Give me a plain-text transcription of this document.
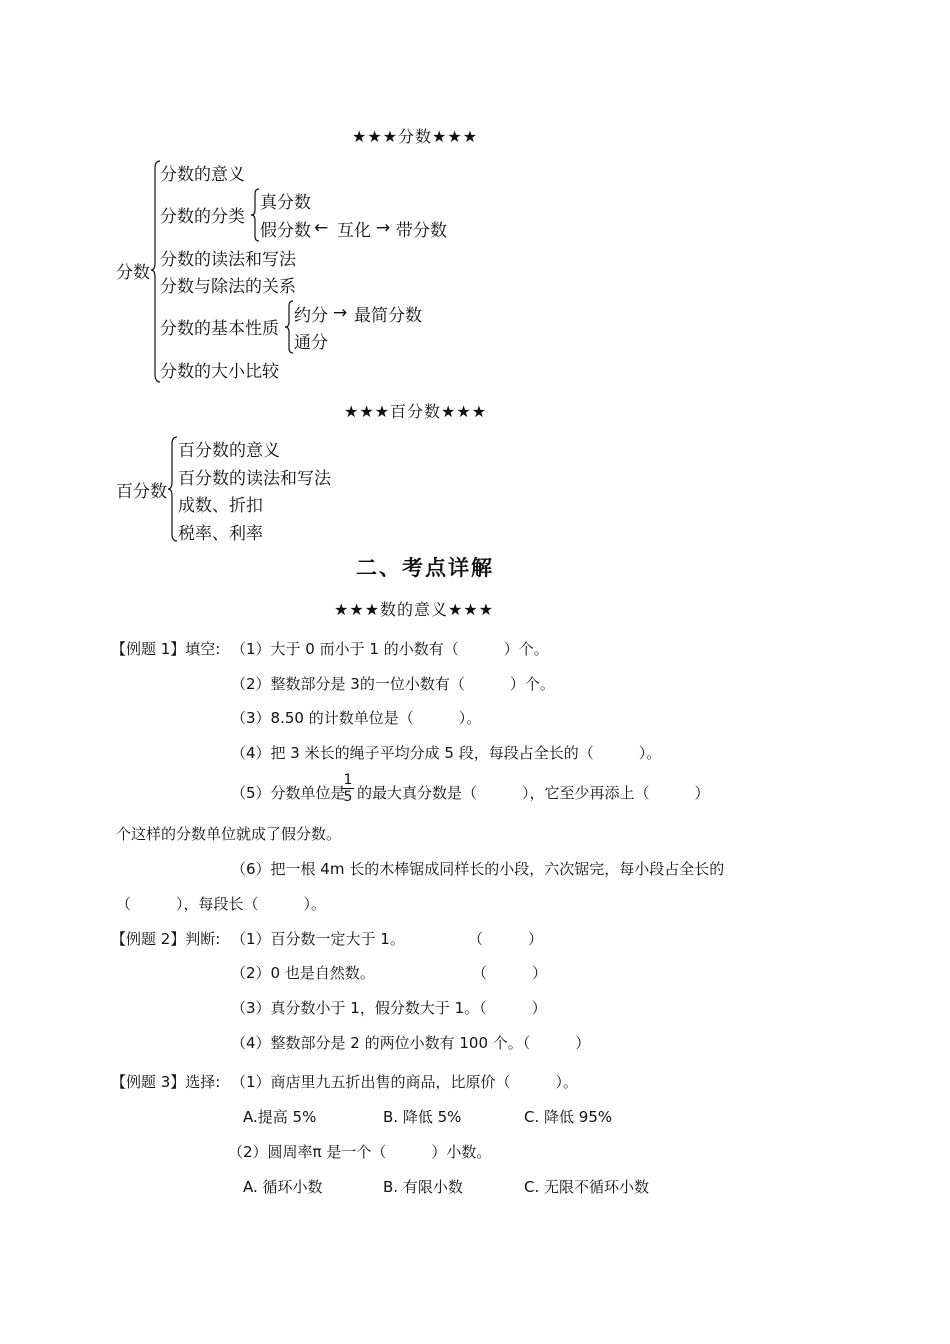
★★★分数★★★
分数
分数的意义
分数的分类
真分数
假分数 ← 互化 → 带分数
分数的读法和写法
分数与除法的关系
分数的基本性质
约分 → 最简分数
通分
分数的大小比较
★★★百分数★★★
百分数
百分数的意义
百分数的读法和写法
成数、折扣
税率、利率
二、考点详解
★★★数的意义★★★
【例题 1】填空: （1）大于 0 而小于 1 的小数有（　　　）个。
（2）整数部分是 3的一位小数有（　　　）个。
（3）8.50 的计数单位是（　　　）。
（4）把 3 米长的绳子平均分成 5 段，每段占全长的（　　　）。
（5）分数单位是
$\frac{1}{5}$ 的最大真分数是（　　　），它至少再添上（　　　）
个这样的分数单位就成了假分数。
（6）把一根 4m 长的木棒锯成同样长的小段，六次锯完，每小段占全长的
（　　　），每段长（　　　）。
【例题 2】判断: （1）百分数一定大于 1。	（　　　）
（2）0 也是自然数。	（　　　）
（3）真分数小于 1，假分数大于 1。（　　　）
（4）整数部分是 2 的两位小数有 100 个。（　　　）
【例题 3】选择: （1）商店里九五折出售的商品，比原价（　　　）。
A.提高 5%	B. 降低 5%	C. 降低 95%
（2）圆周率π 是一个（　　　）小数。
A. 循环小数	B. 有限小数	C. 无限不循环小数
